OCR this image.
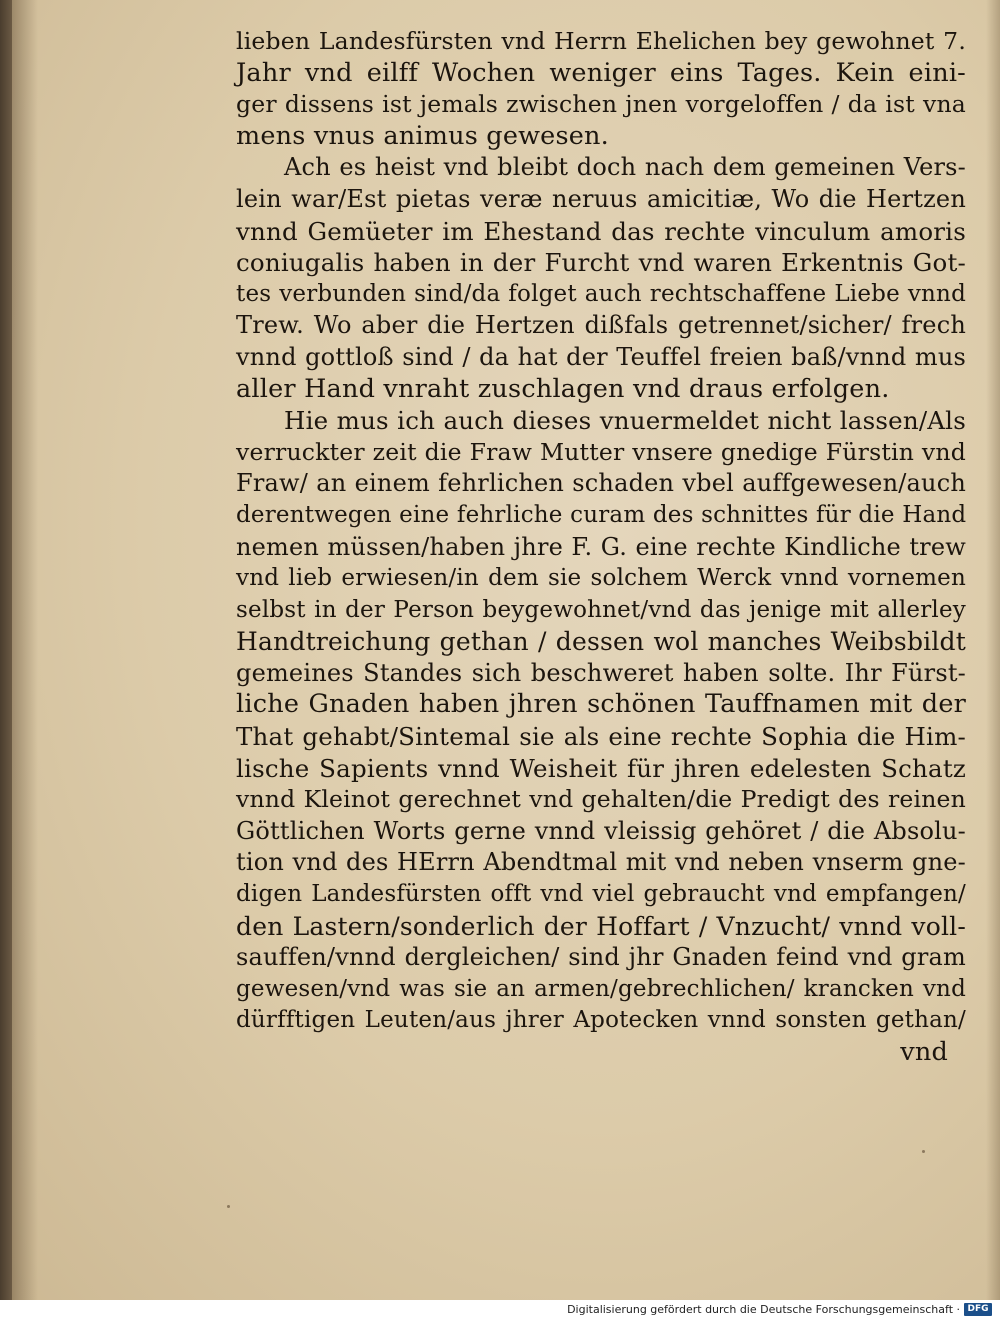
lieben Landesfürsten vnd Herrn Ehelichen bey gewohnet 7.
Jahr vnd eilff Wochen weniger eins Tages. Kein eini-
ger dissens ist jemals zwischen jnen vorgeloffen / da ist vna
mens vnus animus gewesen.
Ach es heist vnd bleibt doch nach dem gemeinen Vers-
lein war/Est pietas veræ neruus amicitiæ, Wo die Hertzen
vnnd Gemüeter im Ehestand das rechte vinculum amoris
coniugalis haben in der Furcht vnd waren Erkentnis Got-
tes verbunden sind/da folget auch rechtschaffene Liebe vnnd
Trew. Wo aber die Hertzen dißfals getrennet/sicher/ frech
vnnd gottloß sind / da hat der Teuffel freien baß/vnnd mus
aller Hand vnraht zuschlagen vnd draus erfolgen.
Hie mus ich auch dieses vnuermeldet nicht lassen/Als
verruckter zeit die Fraw Mutter vnsere gnedige Fürstin vnd
Fraw/ an einem fehrlichen schaden vbel auffgewesen/auch
derentwegen eine fehrliche curam des schnittes für die Hand
nemen müssen/haben jhre F. G. eine rechte Kindliche trew
vnd lieb erwiesen/in dem sie solchem Werck vnnd vornemen
selbst in der Person beygewohnet/vnd das jenige mit allerley
Handtreichung gethan / dessen wol manches Weibsbildt
gemeines Standes sich beschweret haben solte. Ihr Fürst-
liche Gnaden haben jhren schönen Tauffnamen mit der
That gehabt/Sintemal sie als eine rechte Sophia die Him-
lische Sapients vnnd Weisheit für jhren edelesten Schatz
vnnd Kleinot gerechnet vnd gehalten/die Predigt des reinen
Göttlichen Worts gerne vnnd vleissig gehöret / die Absolu-
tion vnd des HErrn Abendtmal mit vnd neben vnserm gne-
digen Landesfürsten offt vnd viel gebraucht vnd empfangen/
den Lastern/sonderlich der Hoffart / Vnzucht/ vnnd voll-
sauffen/vnnd dergleichen/ sind jhr Gnaden feind vnd gram
gewesen/vnd was sie an armen/gebrechlichen/ krancken vnd
dürfftigen Leuten/aus jhrer Apotecken vnnd sonsten gethan/
vnd
Digitalisierung gefördert durch die Deutsche Forschungsgemeinschaft · DFG
